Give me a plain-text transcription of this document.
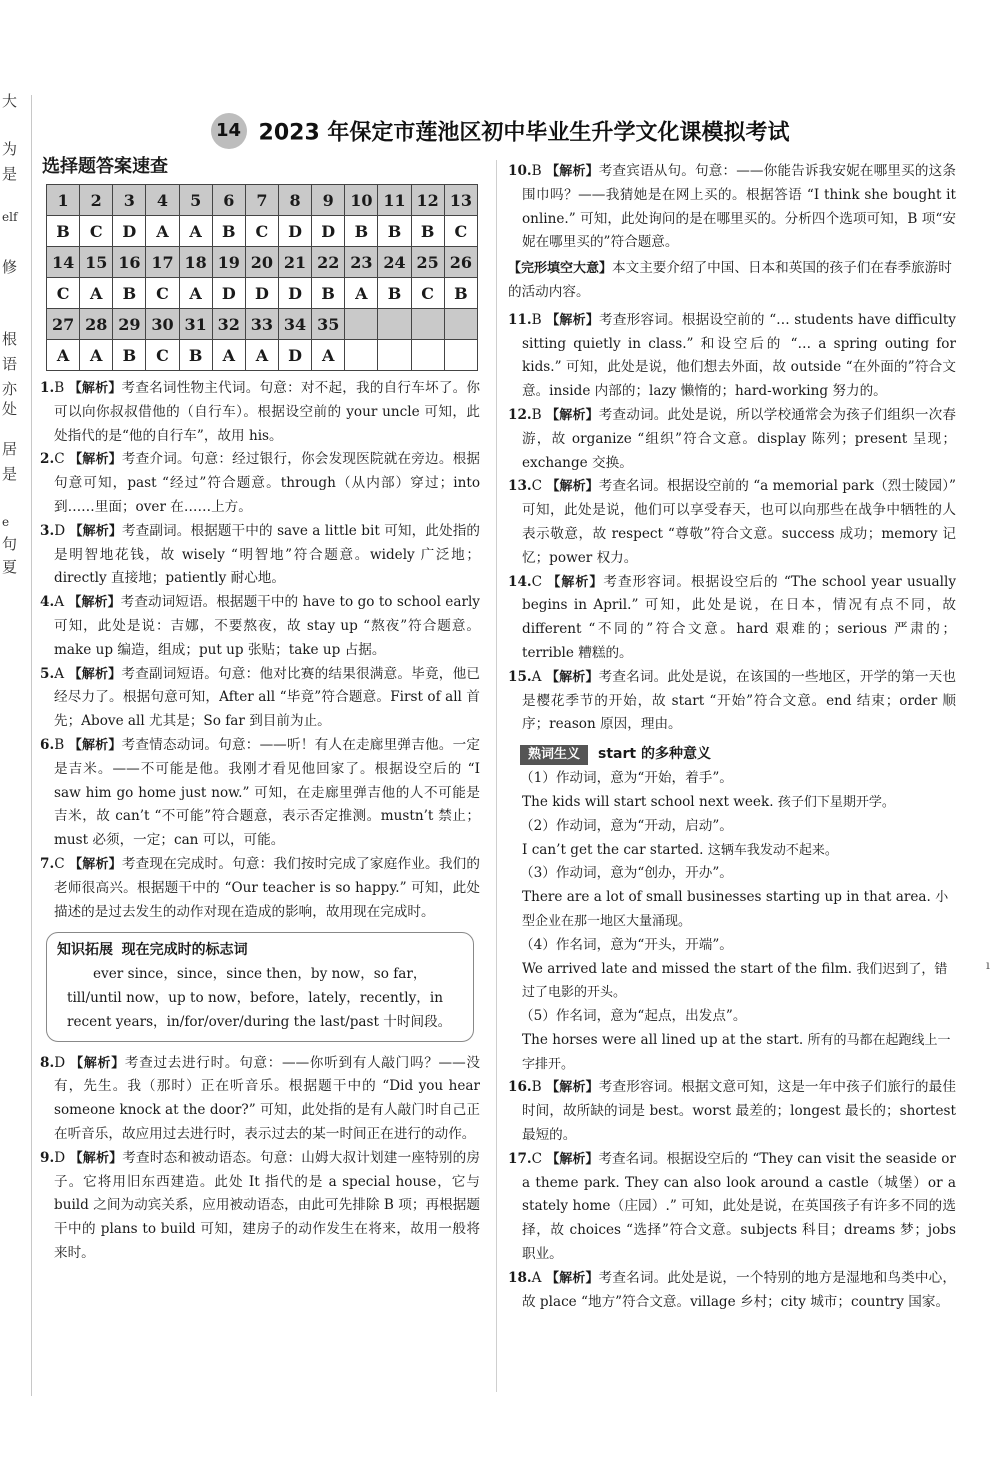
大
为
是
elf
修
根
语
亦
处
居
是
e
句
夏
14 2023 年保定市莲池区初中毕业生升学文化课模拟考试
选择题答案速查
1	2	3	4	5	6	7	8	9	10	11	12	13
B	C	D	A	A	B	C	D	D	B	B	B	C
14	15	16	17	18	19	20	21	22	23	24	25	26
C	A	B	C	A	D	D	D	B	A	B	C	B
27	28	29	30	31	32	33	34	35				
A	A	B	C	B	A	A	D	A				

1.B 【解析】考查名词性物主代词。句意：对不起，我的自行车坏了。你可以向你叔叔借他的（自行车）。根据设空前的 your uncle 可知，此处指代的是“他的自行车”，故用 his。

2.C 【解析】考查介词。句意：经过银行，你会发现医院就在旁边。根据句意可知，past “经过”符合题意。through（从内部）穿过；into 到……里面；over 在……上方。

3.D 【解析】考查副词。根据题干中的 save a little bit 可知，此处指的是明智地花钱，故 wisely “明智地”符合题意。widely 广泛地；directly 直接地；patiently 耐心地。

4.A 【解析】考查动词短语。根据题干中的 have to go to school early 可知，此处是说：吉娜，不要熬夜，故 stay up “熬夜”符合题意。make up 编造，组成；put up 张贴；take up 占据。

5.A 【解析】考查副词短语。句意：他对比赛的结果很满意。毕竟，他已经尽力了。根据句意可知，After all “毕竟”符合题意。First of all 首先；Above all 尤其是；So far 到目前为止。

6.B 【解析】考查情态动词。句意：——听！有人在走廊里弹吉他。一定是吉米。——不可能是他。我刚才看见他回家了。根据设空后的 “I saw him go home just now.” 可知，在走廊里弹吉他的人不可能是吉米，故 can’t “不可能”符合题意，表示否定推测。mustn’t 禁止；must 必须，一定；can 可以，可能。

7.C 【解析】考查现在完成时。句意：我们按时完成了家庭作业。我们的老师很高兴。根据题干中的 “Our teacher is so happy.” 可知，此处描述的是过去发生的动作对现在造成的影响，故用现在完成时。

知识拓展 现在完成时的标志词
ever since，since，since then，by now，so far，till/until now，up to now，before，lately，recently，in recent years，in/for/over/during the last/past 十时间段。

8.D 【解析】考查过去进行时。句意：——你听到有人敲门吗？——没有，先生。我（那时）正在听音乐。根据题干中的 “Did you hear someone knock at the door?” 可知，此处指的是有人敲门时自己正在听音乐，故应用过去进行时，表示过去的某一时间正在进行的动作。

9.D 【解析】考查时态和被动语态。句意：山姆大叔计划建一座特别的房子。它将用旧东西建造。此处 It 指代的是 a special house，它与 build 之间为动宾关系，应用被动语态，由此可先排除 B 项；再根据题干中的 plans to build 可知，建房子的动作发生在将来，故用一般将来时。

10.B 【解析】考查宾语从句。句意：——你能告诉我安妮在哪里买的这条围巾吗？——我猜她是在网上买的。根据答语 “I think she bought it online.” 可知，此处询问的是在哪里买的。分析四个选项可知，B 项“安妮在哪里买的”符合题意。

【完形填空大意】本文主要介绍了中国、日本和英国的孩子们在春季旅游时的活动内容。

11.B 【解析】考查形容词。根据设空前的 “… students have difficulty sitting quietly in class.” 和设空后的 “… a spring outing for kids.” 可知，此处是说，他们想去外面，故 outside “在外面的”符合文意。inside 内部的；lazy 懒惰的；hard-working 努力的。

12.B 【解析】考查动词。此处是说，所以学校通常会为孩子们组织一次春游，故 organize “组织”符合文意。display 陈列；present 呈现；exchange 交换。

13.C 【解析】考查名词。根据设空前的 “a memorial park（烈士陵园）” 可知，此处是说，他们可以享受春天，也可以向那些在战争中牺牲的人表示敬意，故 respect “尊敬”符合文意。success 成功；memory 记忆；power 权力。

14.C 【解析】考查形容词。根据设空后的 “The school year usually begins in April.” 可知，此处是说，在日本，情况有点不同，故 different “不同的”符合文意。hard 艰难的；serious 严肃的；terrible 糟糕的。

15.A 【解析】考查名词。此处是说，在该国的一些地区，开学的第一天也是樱花季节的开始，故 start “开始”符合文意。end 结束；order 顺序；reason 原因，理由。

熟词生义 start 的多种意义

（1）作动词，意为“开始，着手”。

The kids will start school next week. 孩子们下星期开学。

（2）作动词，意为“开动，启动”。

I can’t get the car started. 这辆车我发动不起来。

（3）作动词，意为“创办，开办”。

There are a lot of small businesses starting up in that area. 小型企业在那一地区大量涌现。

（4）作名词，意为“开头，开端”。

We arrived late and missed the start of the film. 我们迟到了，错过了电影的开头。

（5）作名词，意为“起点，出发点”。

The horses were all lined up at the start. 所有的马都在起跑线上一字排开。

16.B 【解析】考查形容词。根据文意可知，这是一年中孩子们旅行的最佳时间，故所缺的词是 best。worst 最差的；longest 最长的；shortest 最短的。

17.C 【解析】考查名词。根据设空后的 “They can visit the seaside or a theme park. They can also look around a castle（城堡）or a stately home（庄园）.” 可知，此处是说，在英国孩子有许多不同的选择，故 choices “选择”符合文意。subjects 科目；dreams 梦；jobs 职业。

18.A 【解析】考查名词。此处是说，一个特别的地方是湿地和鸟类中心，故 place “地方”符合文意。village 乡村；city 城市；country 国家。

ı
